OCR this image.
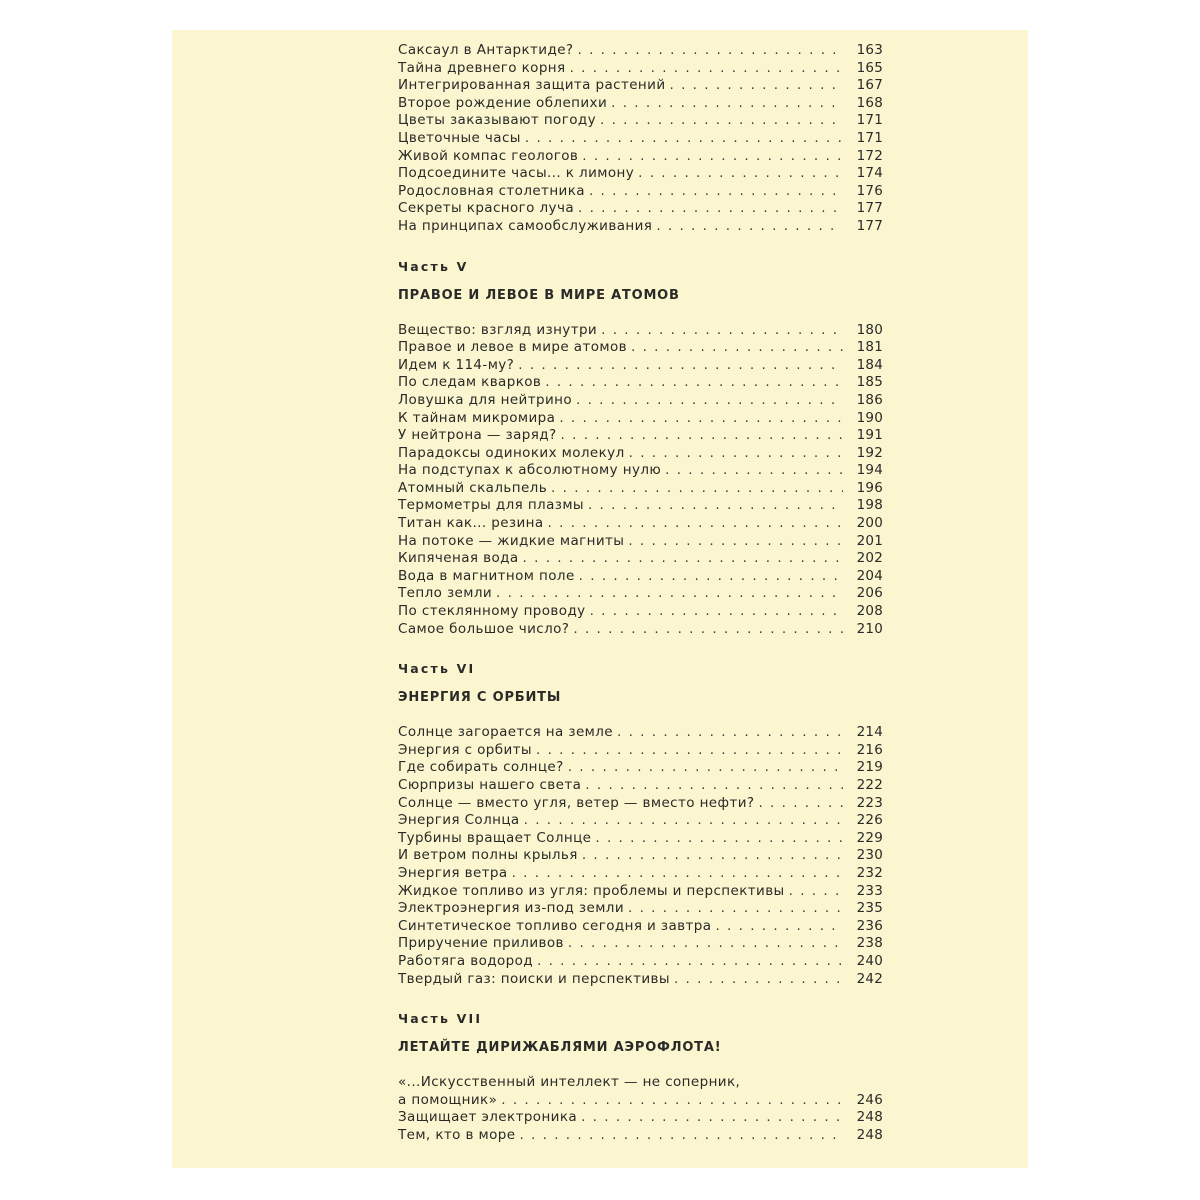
Саксаул в Антарктиде? . . .	163
Тайна древнего корня . . .	165
Интегрированная защита растений . . .	167
Второе рождение облепихи . . .	168
Цветы заказывают погоду . . .	171
Цветочные часы . . .	171
Живой компас геологов . . .	172
Подсоедините часы... к лимону . . .	174
Родословная столетника . . .	176
Секреты красного луча . . .	177
На принципах самообслуживания . . .	177
Часть V
ПРАВОЕ И ЛЕВОЕ В МИРЕ АТОМОВ
Вещество: взгляд изнутри . . .	180
Правое и левое в мире атомов . . .	181
Идем к 114-му? . . .	184
По следам кварков . . .	185
Ловушка для нейтрино . . .	186
К тайнам микромира . . .	190
У нейтрона — заряд? . . .	191
Парадоксы одиноких молекул . . .	192
На подступах к абсолютному нулю . . .	194
Атомный скальпель . . .	196
Термометры для плазмы . . .	198
Титан как... резина . . .	200
На потоке — жидкие магниты . . .	201
Кипяченая вода . . .	202
Вода в магнитном поле . . .	204
Тепло земли . . .	206
По стеклянному проводу . . .	208
Самое большое число? . . .	210
Часть VI
ЭНЕРГИЯ С ОРБИТЫ
Солнце загорается на земле . . .	214
Энергия с орбиты . . .	216
Где собирать солнце? . . .	219
Сюрпризы нашего света . . .	222
Солнце — вместо угля, ветер — вместо нефти? . . .	223
Энергия Солнца . . .	226
Турбины вращает Солнце . . .	229
И ветром полны крылья . . .	230
Энергия ветра . . .	232
Жидкое топливо из угля: проблемы и перспективы . . .	233
Электроэнергия из-под земли . . .	235
Синтетическое топливо сегодня и завтра . . .	236
Приручение приливов . . .	238
Работяга водород . . .	240
Твердый газ: поиски и перспективы . . .	242
Часть VII
ЛЕТАЙТЕ ДИРИЖАБЛЯМИ АЭРОФЛОТА!
«...Искусственный интеллект — не соперник,
а помощник» . . .	246
Защищает электроника . . .	248
Тем, кто в море . . .	248
